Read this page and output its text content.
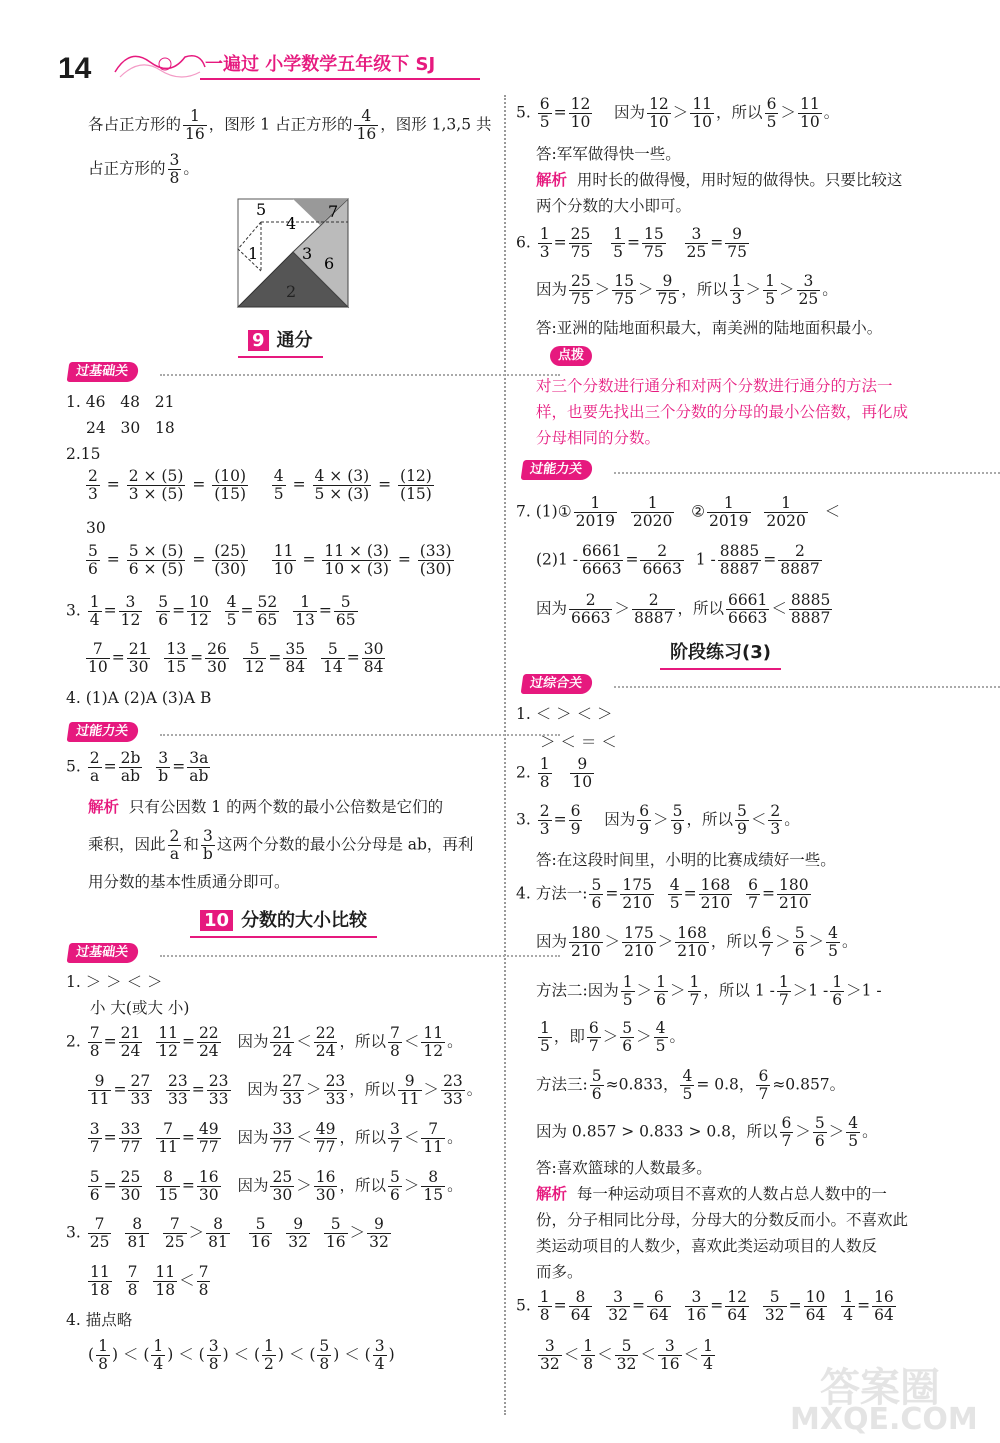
14	一遍过 小学数学五年级下 SJ
5
4
7
1	3
6
2
答案圈
MXQE.COM
各占正方形的 $\frac{1}{16}$ ，图形 1 占正方形的 $\frac{4}{16}$ ，图形 1,3,5 共
占正方形的 $\frac{3}{8}$ 。
9 通分
过基础关
1. 46 48 21
24 30 18
2.15
$\frac{2}{3} = \frac{2 \times (5)}{3 \times (5)} = \frac{(10)}{(15)}$
$\frac{4}{5} = \frac{4 \times (3)}{5 \times (3)} = \frac{(12)}{(15)}$
30
$\frac{5}{6} = \frac{5 \times (5)}{6 \times (5)} = \frac{(25)}{(30)}$
$\frac{11}{10} = \frac{11 \times (3)}{10 \times (3)} = \frac{(33)}{(30)}$
3. $\frac{1}{4} = \frac{3}{12}$
$\frac{5}{6} = \frac{10}{12}$
$\frac{4}{5} = \frac{52}{65}$
$\frac{1}{13} = \frac{5}{65}$
$\frac{7}{10} = \frac{21}{30}$
$\frac{13}{15} = \frac{26}{30}$
$\frac{5}{12} = \frac{35}{84}$
$\frac{5}{14} = \frac{30}{84}$
4. (1)A (2)A (3)A B
过能力关
5. $\frac{2}{a} = \frac{2b}{ab}$
$\frac{3}{b} = \frac{3a}{ab}$
解析 只有公因数 1 的两个数的最小公倍数是它们的
乘积，因此 $\frac{2}{a}$ 和 $\frac{3}{b}$ 这两个分数的最小公分母是 ab，再利
用分数的基本性质通分即可。
10 分数的大小比较
过基础关
1. ＞ ＞ ＜ ＞
小 大(或大 小)
2. $\frac{7}{8} = \frac{21}{24}$
$\frac{11}{12} = \frac{22}{24}$ 因为 $\frac{21}{24} < \frac{22}{24}$ ，所以 $\frac{7}{8} < \frac{11}{12}$ 。

$\frac{9}{11} = \frac{27}{33}$
$\frac{23}{33} = \frac{23}{33}$ 因为 $\frac{27}{33} > \frac{23}{33}$ ，所以 $\frac{9}{11} > \frac{23}{33}$ 。

$\frac{3}{7} = \frac{33}{77}$
$\frac{7}{11} = \frac{49}{77}$ 因为 $\frac{33}{77} < \frac{49}{77}$ ，所以 $\frac{3}{7} < \frac{7}{11}$ 。

$\frac{5}{6} = \frac{25}{30}$
$\frac{8}{15} = \frac{16}{30}$ 因为 $\frac{25}{30} > \frac{16}{30}$ ，所以 $\frac{5}{6} > \frac{8}{15}$ 。
3. $\frac{7}{25}$
$\frac{8}{81}$
$\frac{7}{25} > \frac{8}{81}$
$\frac{5}{16}$
$\frac{9}{32}$
$\frac{5}{16} > \frac{9}{32}$
$\frac{11}{18}$
$\frac{7}{8}$
$\frac{11}{18} < \frac{7}{8}$
4. 描点略
( $\frac{1}{8}$ ) ＜ ( $\frac{1}{4}$ ) ＜ ( $\frac{3}{8}$ ) ＜ ( $\frac{1}{2}$ ) ＜ ( $\frac{5}{8}$ ) ＜ ( $\frac{3}{4}$ )
5. $\frac{6}{5} = \frac{12}{10}$ 因为 $\frac{12}{10} > \frac{11}{10}$ ，所以 $\frac{6}{5} > \frac{11}{10}$ 。
答:军军做得快一些。
解析 用时长的做得慢，用时短的做得快。只要比较这
两个分数的大小即可。
6. $\frac{1}{3} = \frac{25}{75}$
$\frac{1}{5} = \frac{15}{75}$
$\frac{3}{25} = \frac{9}{75}$
因为 $\frac{25}{75} > \frac{15}{75} > \frac{9}{75}$ ，所以 $\frac{1}{3} > \frac{1}{5} > \frac{3}{25}$ 。
答:亚洲的陆地面积最大，南美洲的陆地面积最小。
点拨
对三个分数进行通分和对两个分数进行通分的方法一
样，也要先找出三个分数的分母的最小公倍数，再化成
分母相同的分数。
过能力关
7. (1)① $\frac{1}{2019}$
$\frac{1}{2020}$ ② $\frac{1}{2019}$
$\frac{1}{2020}$ ＜
$(2)1 - \frac{6661}{6663} = \frac{2}{6663} 1 - \frac{8885}{8887} = \frac{2}{8887}$
因为 $\frac{2}{6663} > \frac{2}{8887}$ ，所以 $\frac{6661}{6663} < \frac{8885}{8887}$
阶段练习(3)
过综合关
1. ＜ ＞ ＜ ＞
＞ ＜ ＝ ＜
2. $\frac{1}{8}$
$\frac{9}{10}$
3. $\frac{2}{3} = \frac{6}{9}$ 因为 $\frac{6}{9} > \frac{5}{9}$ ，所以 $\frac{5}{9} < \frac{2}{3}$ 。
答:在这段时间里，小明的比赛成绩好一些。
4. 方法一: $\frac{5}{6} = \frac{175}{210}$
$\frac{4}{5} = \frac{168}{210}$
$\frac{6}{7} = \frac{180}{210}$
因为 $\frac{180}{210} > \frac{175}{210} > \frac{168}{210}$ ，所以 $\frac{6}{7} > \frac{5}{6} > \frac{4}{5}$ 。
方法二:因为 $\frac{1}{5} > \frac{1}{6} > \frac{1}{7}$ ，所以 $1 - \frac{1}{7} >1 - \frac{1}{6} >1$ -
$\frac{1}{5}$ ，即 $\frac{6}{7} > \frac{5}{6} > \frac{4}{5}$ 。
方法三: $\frac{5}{6} \approx 0.833$， $\frac{4}{5} = 0.8$， $\frac{6}{7} \approx 0.857$。
因为 0.857 > 0.833 > 0.8，所以 $\frac{6}{7} > \frac{5}{6} > \frac{4}{5}$ 。
答:喜欢篮球的人数最多。
解析 每一种运动项目不喜欢的人数占总人数中的一
份，分子相同比分母，分母大的分数反而小。不喜欢此
类运动项目的人数少，喜欢此类运动项目的人数反
而多。
5. $\frac{1}{8} = \frac{8}{64}$
$\frac{3}{32} = \frac{6}{64}$
$\frac{3}{16} = \frac{12}{64}$
$\frac{5}{32} = \frac{10}{64}$
$\frac{1}{4} = \frac{16}{64}$
$\frac{3}{32} < \frac{1}{8} < \frac{5}{32} < \frac{3}{16} < \frac{1}{4}$
